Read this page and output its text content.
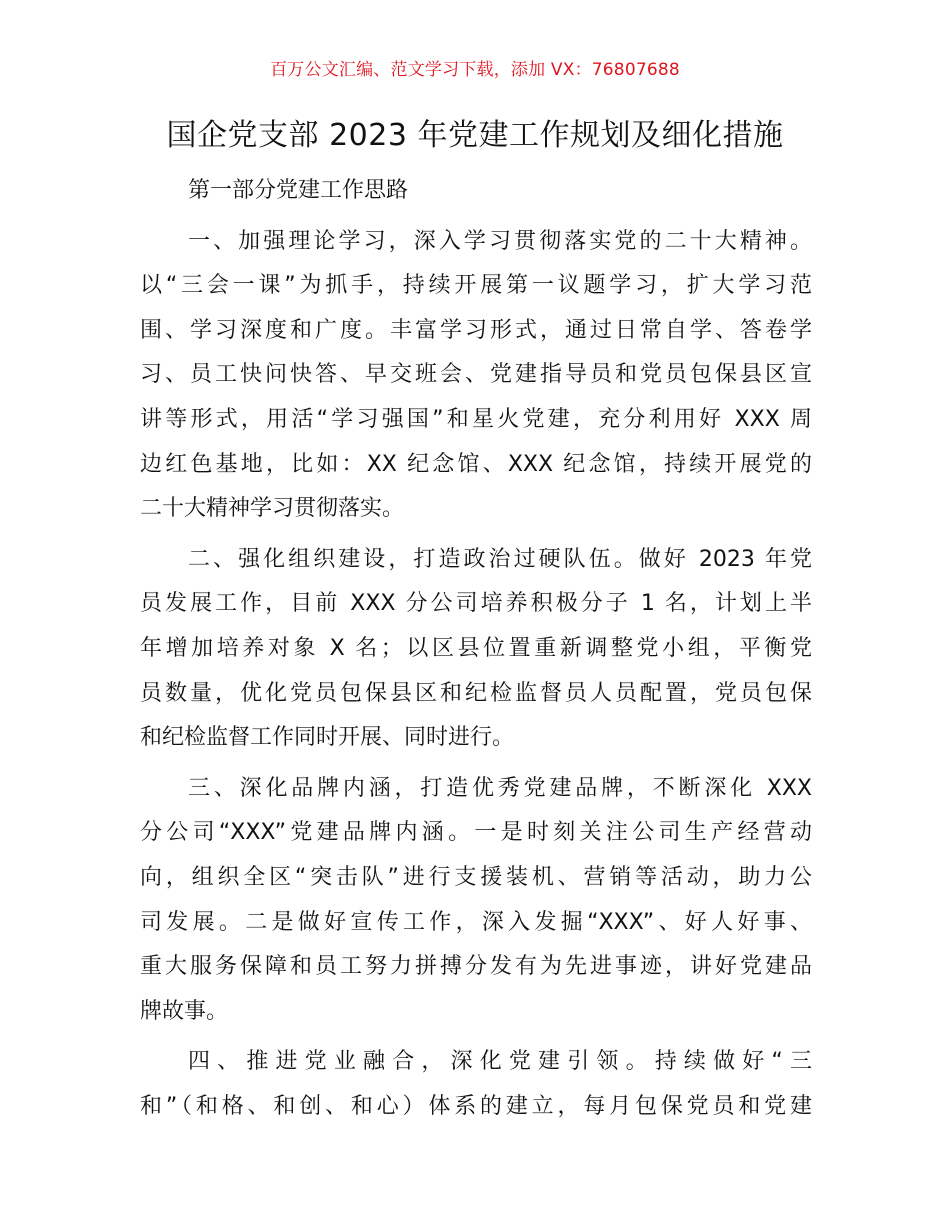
百万公文汇编、范文学习下载，添加 VX：76807688
国企党支部 2023 年党建工作规划及细化措施
第一部分党建工作思路
一、加强理论学习，深入学习贯彻落实党的二十大精神。
以“三会一课”为抓手，持续开展第一议题学习，扩大学习范
围、学习深度和广度。丰富学习形式，通过日常自学、答卷学
习、员工快问快答、早交班会、党建指导员和党员包保县区宣
讲等形式，用活“学习强国”和星火党建，充分利用好 XXX 周
边红色基地，比如：XX 纪念馆、XXX 纪念馆，持续开展党的
二十大精神学习贯彻落实。
二、强化组织建设，打造政治过硬队伍。做好 2023 年党
员发展工作，目前 XXX 分公司培养积极分子 1 名，计划上半
年增加培养对象 X 名；以区县位置重新调整党小组，平衡党
员数量，优化党员包保县区和纪检监督员人员配置，党员包保
和纪检监督工作同时开展、同时进行。
三、深化品牌内涵，打造优秀党建品牌，不断深化 XXX
分公司“XXX”党建品牌内涵。一是时刻关注公司生产经营动
向，组织全区“突击队”进行支援装机、营销等活动，助力公
司发展。二是做好宣传工作，深入发掘“XXX”、好人好事、
重大服务保障和员工努力拼搏分发有为先进事迹，讲好党建品
牌故事。
四、推进党业融合，深化党建引领。持续做好“三
和”（和格、和创、和心）体系的建立，每月包保党员和党建
